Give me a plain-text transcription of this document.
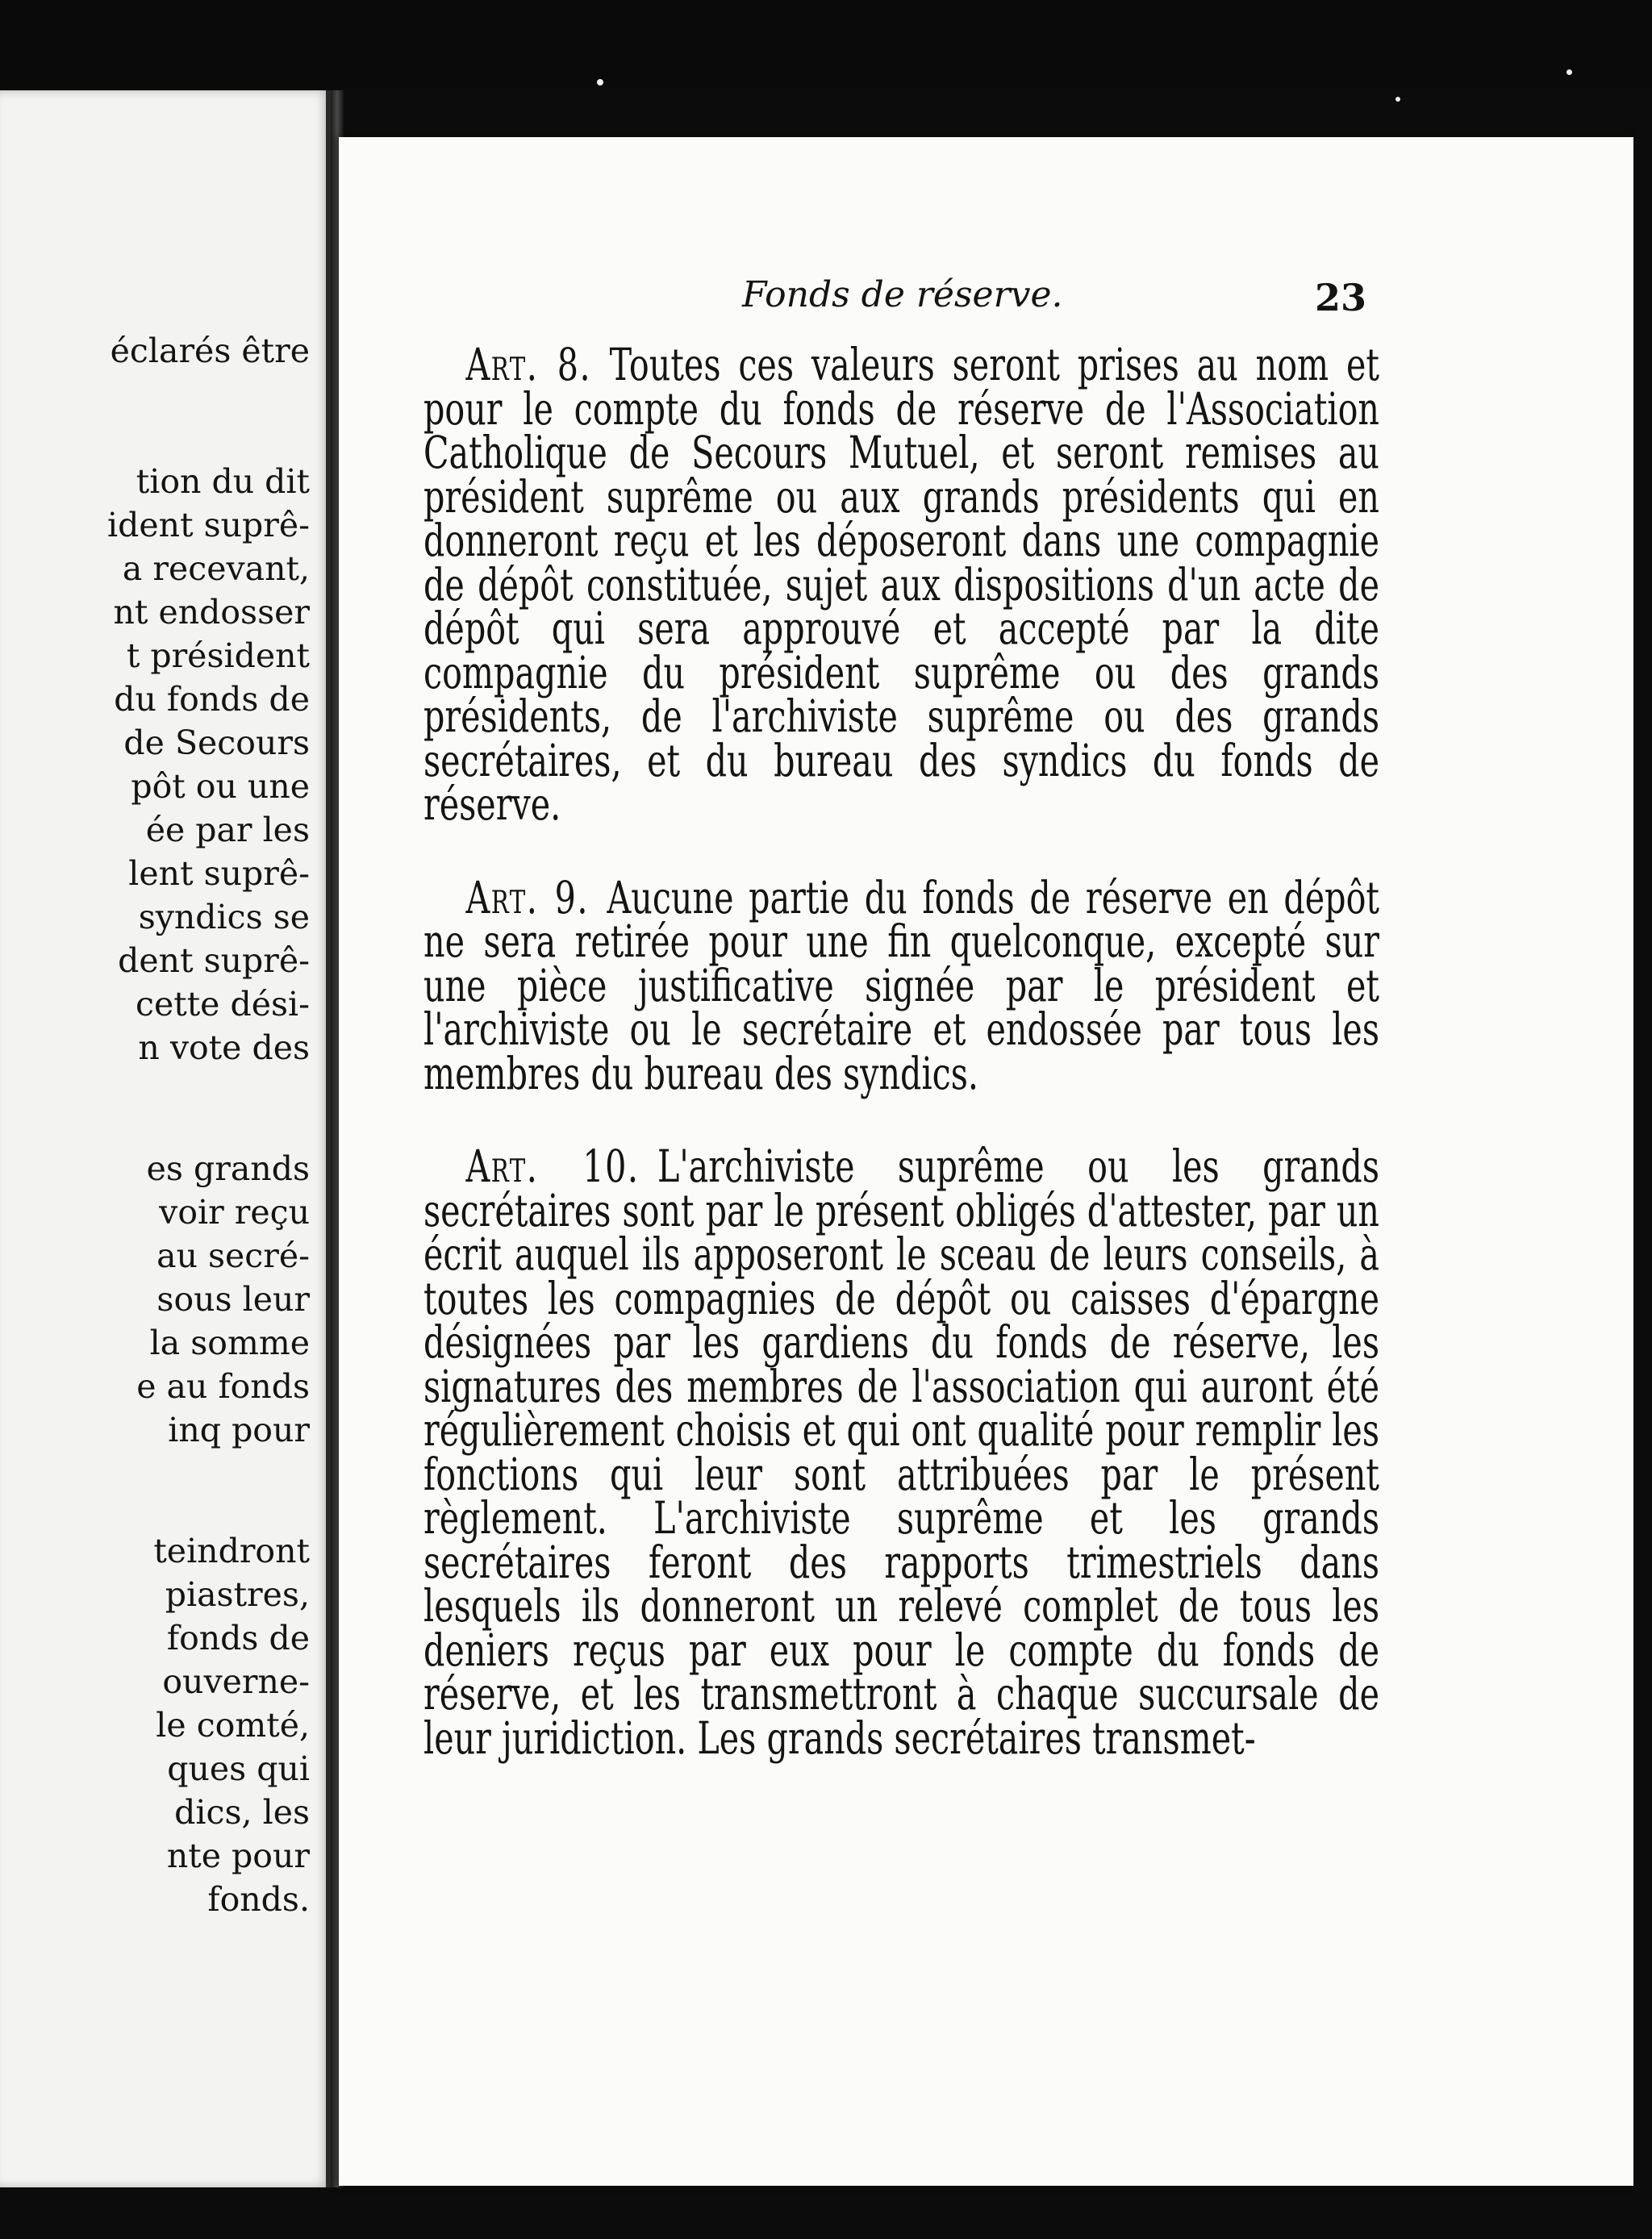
éclarés être
tion du dit
ident suprê-
a recevant,
nt endosser
t président
du fonds de
de Secours
pôt ou une
ée par les
lent suprê-
syndics se
dent suprê-
cette dési-
n vote des
es grands
voir reçu
au secré-
sous leur
la somme
e au fonds
inq pour
teindront
piastres,
fonds de
ouverne-
le comté,
ques qui
dics, les
nte pour
fonds.
Fonds de réserve.	23

Art. 8. Toutes ces valeurs seront prises au nom et pour le compte du fonds de réserve de l'Association Catholique de Secours Mutuel, et seront remises au président suprême ou aux grands présidents qui en donneront reçu et les déposeront dans une compagnie de dépôt constituée, sujet aux dispositions d'un acte de dépôt qui sera approuvé et accepté par la dite compagnie du président suprême ou des grands présidents, de l'archiviste suprême ou des grands secrétaires, et du bureau des syndics du fonds de réserve.

Art. 9. Aucune partie du fonds de réserve en dépôt ne sera retirée pour une fin quelconque, excepté sur une pièce justificative signée par le président et l'archiviste ou le secrétaire et endossée par tous les membres du bureau des syndics.

Art. 10. L'archiviste suprême ou les grands secrétaires sont par le présent obligés d'attester, par un écrit auquel ils apposeront le sceau de leurs conseils, à toutes les compagnies de dépôt ou caisses d'épargne désignées par les gardiens du fonds de réserve, les signatures des membres de l'association qui auront été régulièrement choisis et qui ont qualité pour remplir les fonctions qui leur sont attribuées par le présent règlement. L'archiviste suprême et les grands secrétaires feront des rapports trimestriels dans lesquels ils donneront un relevé complet de tous les deniers reçus par eux pour le compte du fonds de réserve, et les transmettront à chaque succursale de leur juridiction. Les grands secrétaires transmet-
